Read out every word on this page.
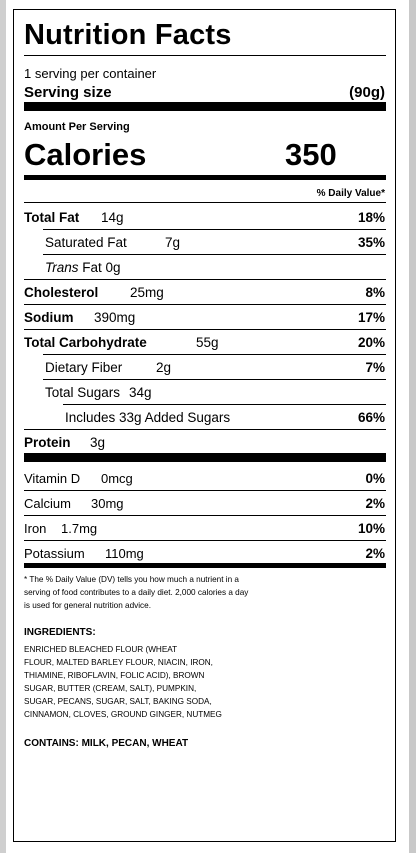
Nutrition Facts
1 serving per container
Serving size	(90g)
Amount Per Serving
Calories	350
% Daily Value*
Total Fat 14g	18%
Saturated Fat	7g	35%
Trans Fat 0g
Cholesterol 25mg	8%
Sodium 390mg	17%
Total Carbohydrate	55g	20%
Dietary Fiber 2g	7%
Total Sugars 34g
Includes 33g Added Sugars	66%
Protein 3g
Vitamin D 0mcg	0%
Calcium 30mg	2%
Iron 1.7mg	10%
Potassium 110mg	2%
* The % Daily Value (DV) tells you how much a nutrient in a
serving of food contributes to a daily diet. 2,000 calories a day
is used for general nutrition advice.
INGREDIENTS:
ENRICHED BLEACHED FLOUR (WHEAT
FLOUR, MALTED BARLEY FLOUR, NIACIN, IRON,
THIAMINE, RIBOFLAVIN, FOLIC ACID), BROWN
SUGAR, BUTTER (CREAM, SALT), PUMPKIN,
SUGAR, PECANS, SUGAR, SALT, BAKING SODA,
CINNAMON, CLOVES, GROUND GINGER, NUTMEG
CONTAINS: MILK, PECAN, WHEAT
